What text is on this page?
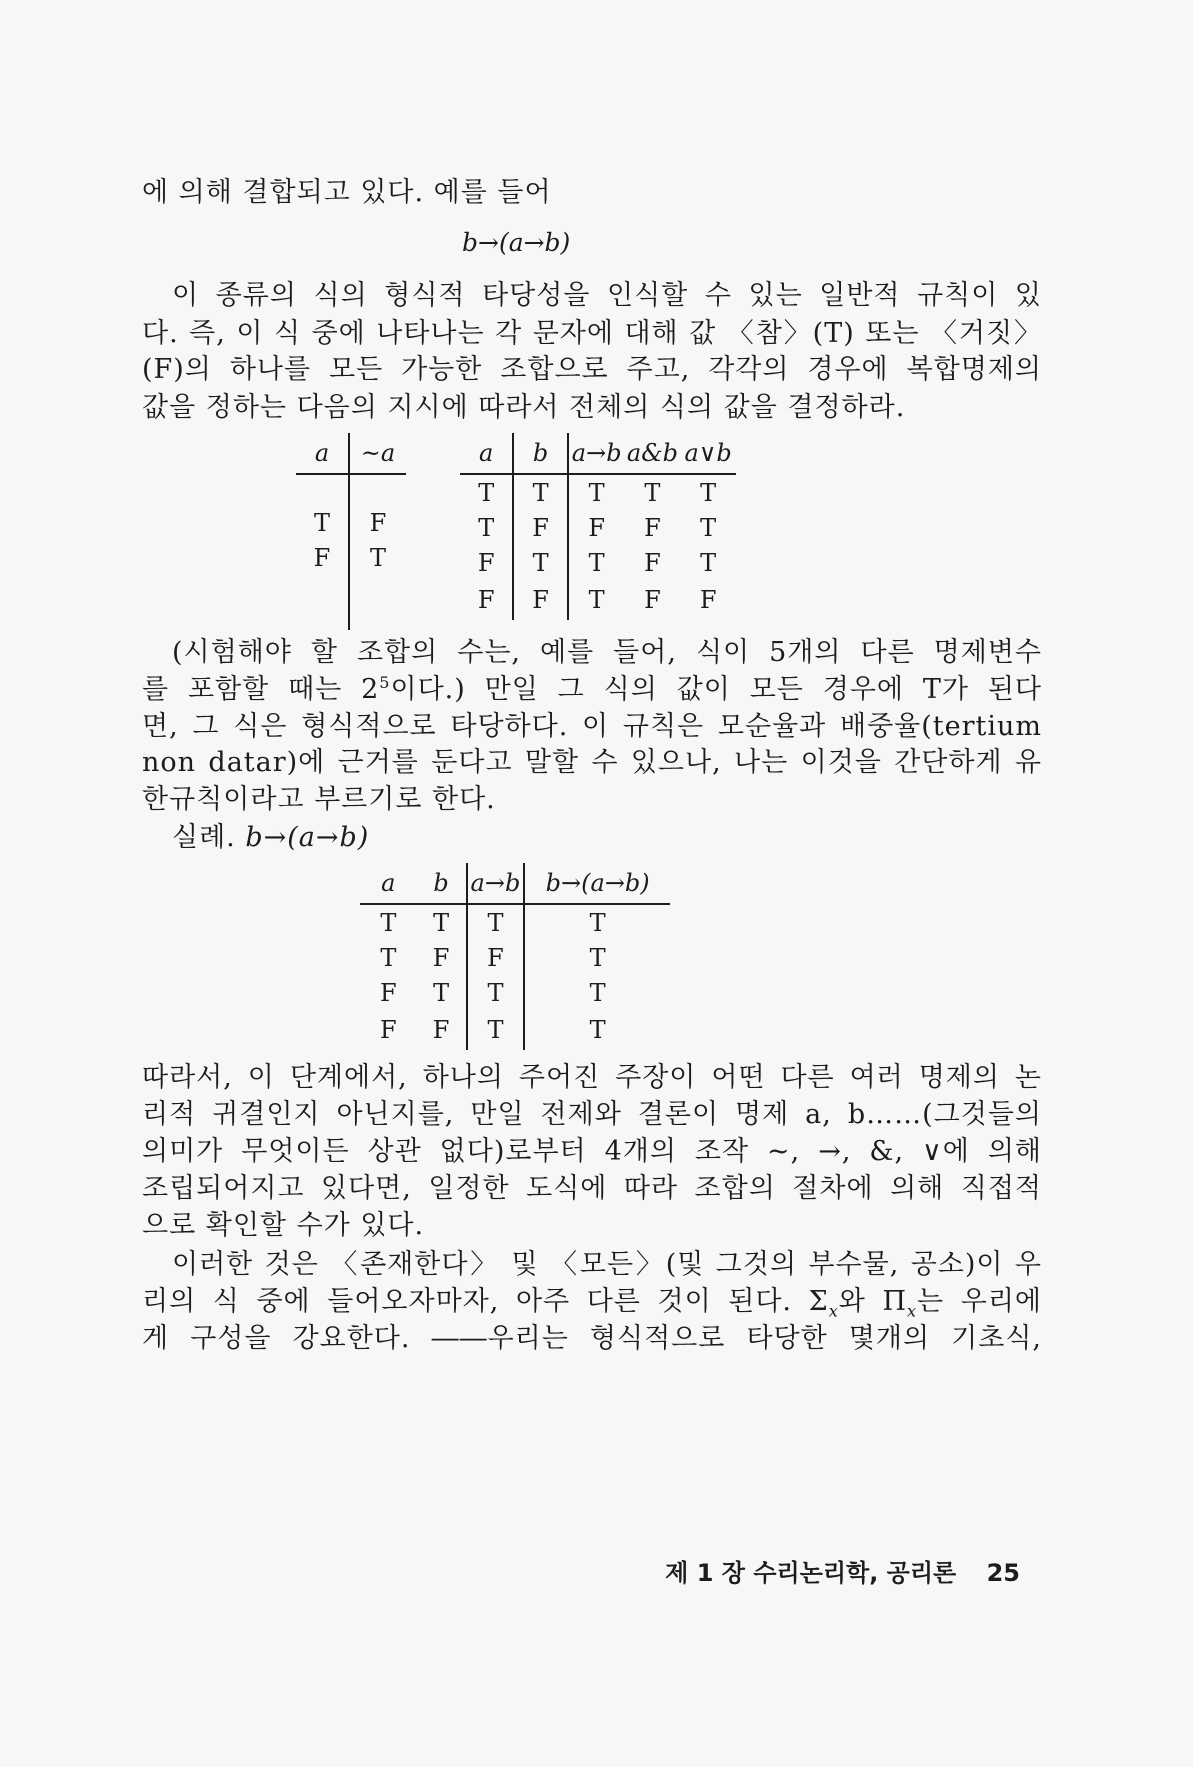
에 의해 결합되고 있다. 예를 들어
b→(a→b)
이 종류의 식의 형식적 타당성을 인식할 수 있는 일반적 규칙이 있
다. 즉, 이 식 중에 나타나는 각 문자에 대해 값 〈참〉(T) 또는 〈거짓〉
(F)의 하나를 모든 가능한 조합으로 주고, 각각의 경우에 복합명제의
값을 정하는 다음의 지시에 따라서 전체의 식의 값을 결정하라.
a	~a

T	F
F	T

a	b	a→b	a&b	a∨b
T	T	T	T	T
T	F	F	F	T
F	T	T	F	T
F	F	T	F	F
(시험해야 할 조합의 수는, 예를 들어, 식이 5개의 다른 명제변수
를 포함할 때는 $2^5$이다.) 만일 그 식의 값이 모든 경우에 T가 된다
면, 그 식은 형식적으로 타당하다. 이 규칙은 모순율과 배중율(tertium
non datar)에 근거를 둔다고 말할 수 있으나, 나는 이것을 간단하게 유
한규칙이라고 부르기로 한다.
실례. b→(a→b)
a	b	a→b	b→(a→b)
T	T	T	T
T	F	F	T
F	T	T	T
F	F	T	T
따라서, 이 단계에서, 하나의 주어진 주장이 어떤 다른 여러 명제의 논
리적 귀결인지 아닌지를, 만일 전제와 결론이 명제 a, b……(그것들의
의미가 무엇이든 상관 없다)로부터 4개의 조작 ~, →, &, ∨에 의해
조립되어지고 있다면, 일정한 도식에 따라 조합의 절차에 의해 직접적
으로 확인할 수가 있다.
이러한 것은 〈존재한다〉 및 〈모든〉(및 그것의 부수물, 공소)이 우
리의 식 중에 들어오자마자, 아주 다른 것이 된다. $\Sigma_x$와 $\Pi_x$는 우리에
게 구성을 강요한다. ――우리는 형식적으로 타당한 몇개의 기초식,
제 1 장 수리논리학, 공리론 25
